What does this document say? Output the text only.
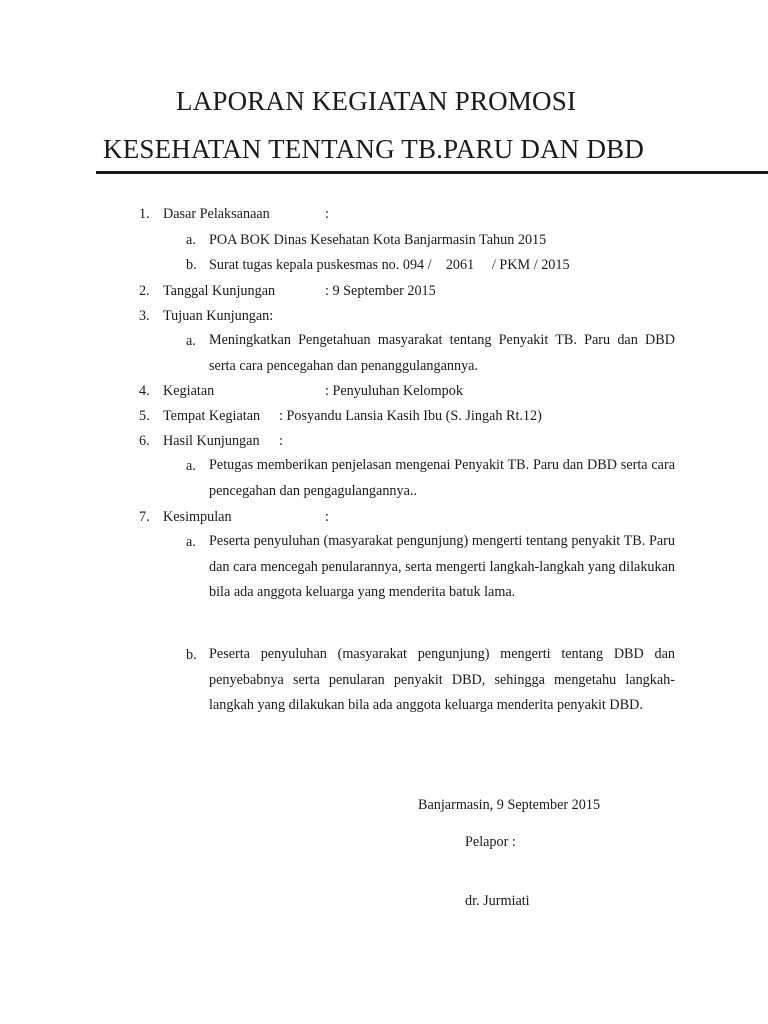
LAPORAN KEGIATAN PROMOSI
KESEHATAN TENTANG TB.PARU DAN DBD
1. Dasar Pelaksanaan	:
a. POA BOK Dinas Kesehatan Kota Banjarmasin Tahun 2015
b. Surat tugas kepala puskesmas no. 094 /    2061     / PKM / 2015
2. Tanggal Kunjungan	: 9 September 2015
3. Tujuan Kunjungan:
a. Meningkatkan Pengetahuan masyarakat tentang Penyakit TB. Paru dan DBD serta cara pencegahan dan penanggulangannya.
4. Kegiatan	: Penyuluhan Kelompok
5. Tempat Kegiatan : Posyandu Lansia Kasih Ibu (S. Jingah Rt.12)
6. Hasil Kunjungan :
a. Petugas memberikan penjelasan mengenai Penyakit TB. Paru dan DBD serta cara pencegahan dan pengagulangannya..
7. Kesimpulan	:
a. Peserta penyuluhan (masyarakat pengunjung) mengerti tentang penyakit TB. Paru dan cara mencegah penularannya, serta mengerti langkah-langkah yang dilakukan bila ada anggota keluarga yang menderita batuk lama.
b. Peserta penyuluhan (masyarakat pengunjung) mengerti tentang DBD dan penyebabnya serta penularan penyakit DBD, sehingga mengetahu langkah-langkah yang dilakukan bila ada anggota keluarga menderita penyakit DBD.
Banjarmasin, 9 September 2015
Pelapor :
dr. Jurmiati
